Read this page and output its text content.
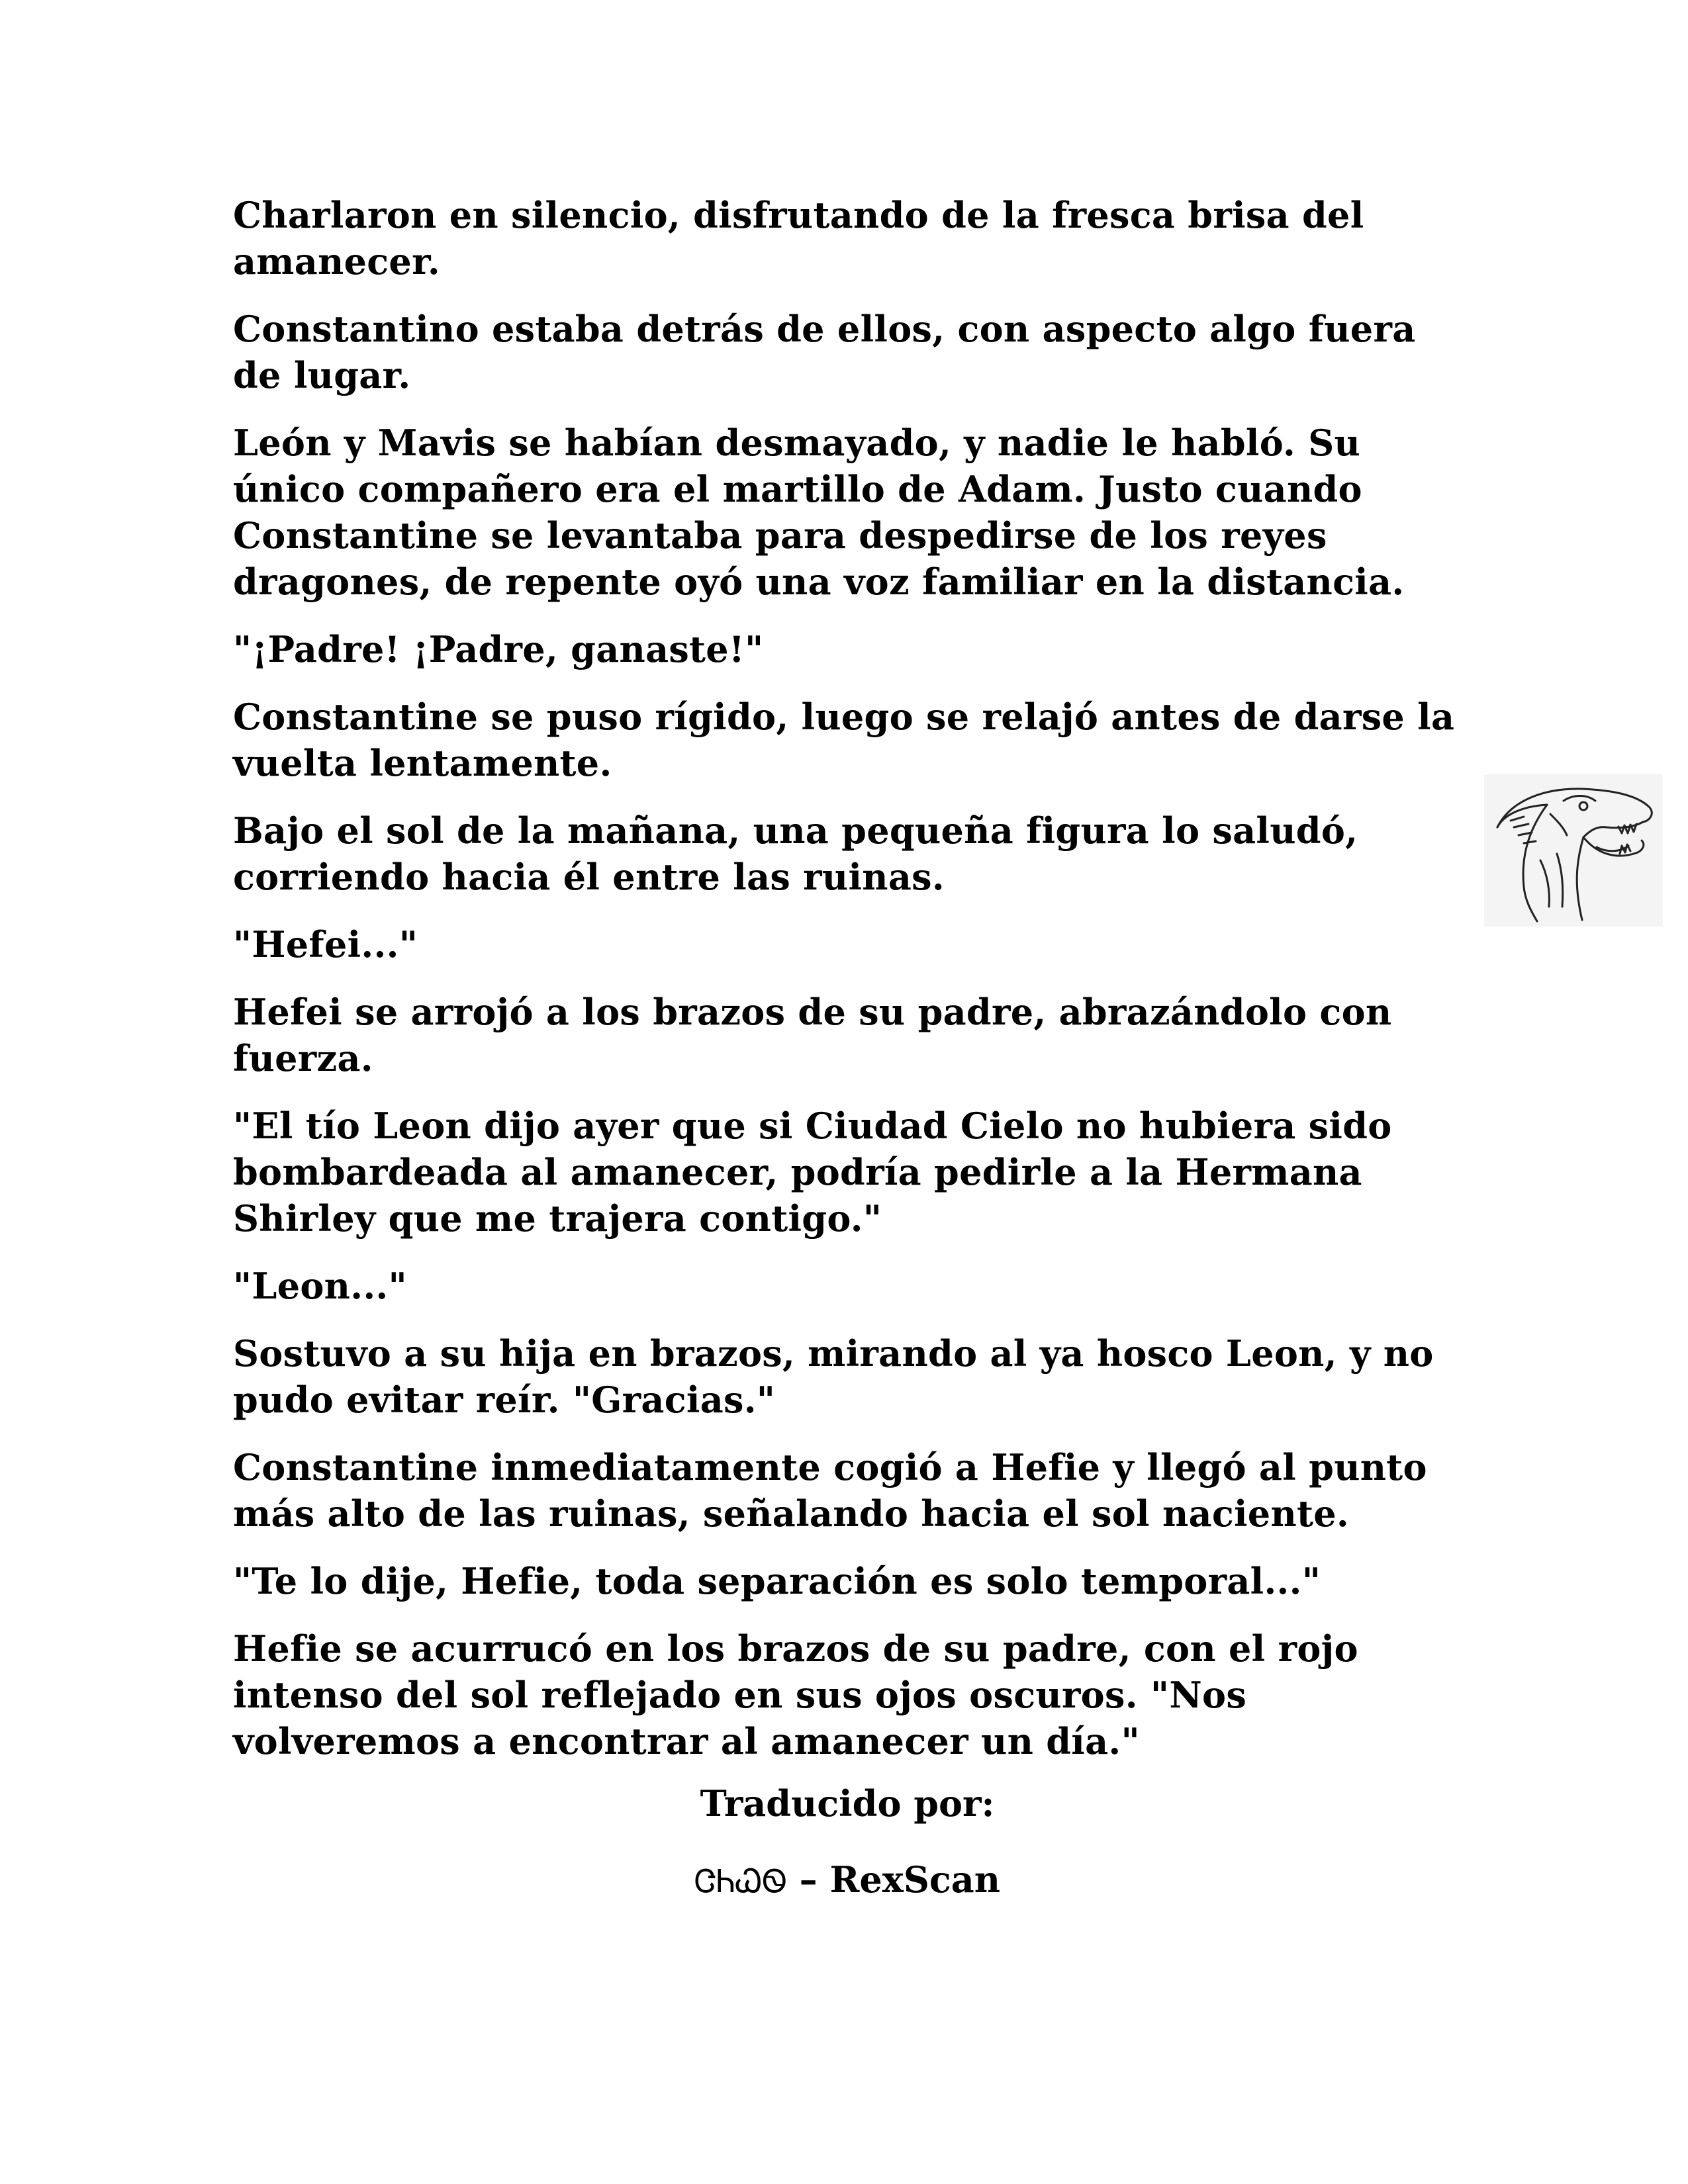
Charlaron en silencio, disfrutando de la fresca brisa del amanecer.

Constantino estaba detrás de ellos, con aspecto algo fuera de lugar.

León y Mavis se habían desmayado, y nadie le habló. Su único compañero era el martillo de Adam. Justo cuando Constantine se levantaba para despedirse de los reyes dragones, de repente oyó una voz familiar en la distancia.

"¡Padre! ¡Padre, ganaste!"

Constantine se puso rígido, luego se relajó antes de darse la vuelta lentamente.

Bajo el sol de la mañana, una pequeña figura lo saludó, corriendo hacia él entre las ruinas.

"Hefei..."

Hefei se arrojó a los brazos de su padre, abrazándolo con fuerza.

"El tío Leon dijo ayer que si Ciudad Cielo no hubiera sido bombardeada al amanecer, podría pedirle a la Hermana Shirley que me trajera contigo."

"Leon..."

Sostuvo a su hija en brazos, mirando al ya hosco Leon, y no pudo evitar reír. "Gracias."

Constantine inmediatamente cogió a Hefie y llegó al punto más alto de las ruinas, señalando hacia el sol naciente.

"Te lo dije, Hefie, toda separación es solo temporal..."

Hefie se acurrucó en los brazos de su padre, con el rojo intenso del sol reflejado en sus ojos oscuros. "Nos volveremos a encontrar al amanecer un día."

Traducido por:
ᏣᏂᏇᏫ – RexScan
